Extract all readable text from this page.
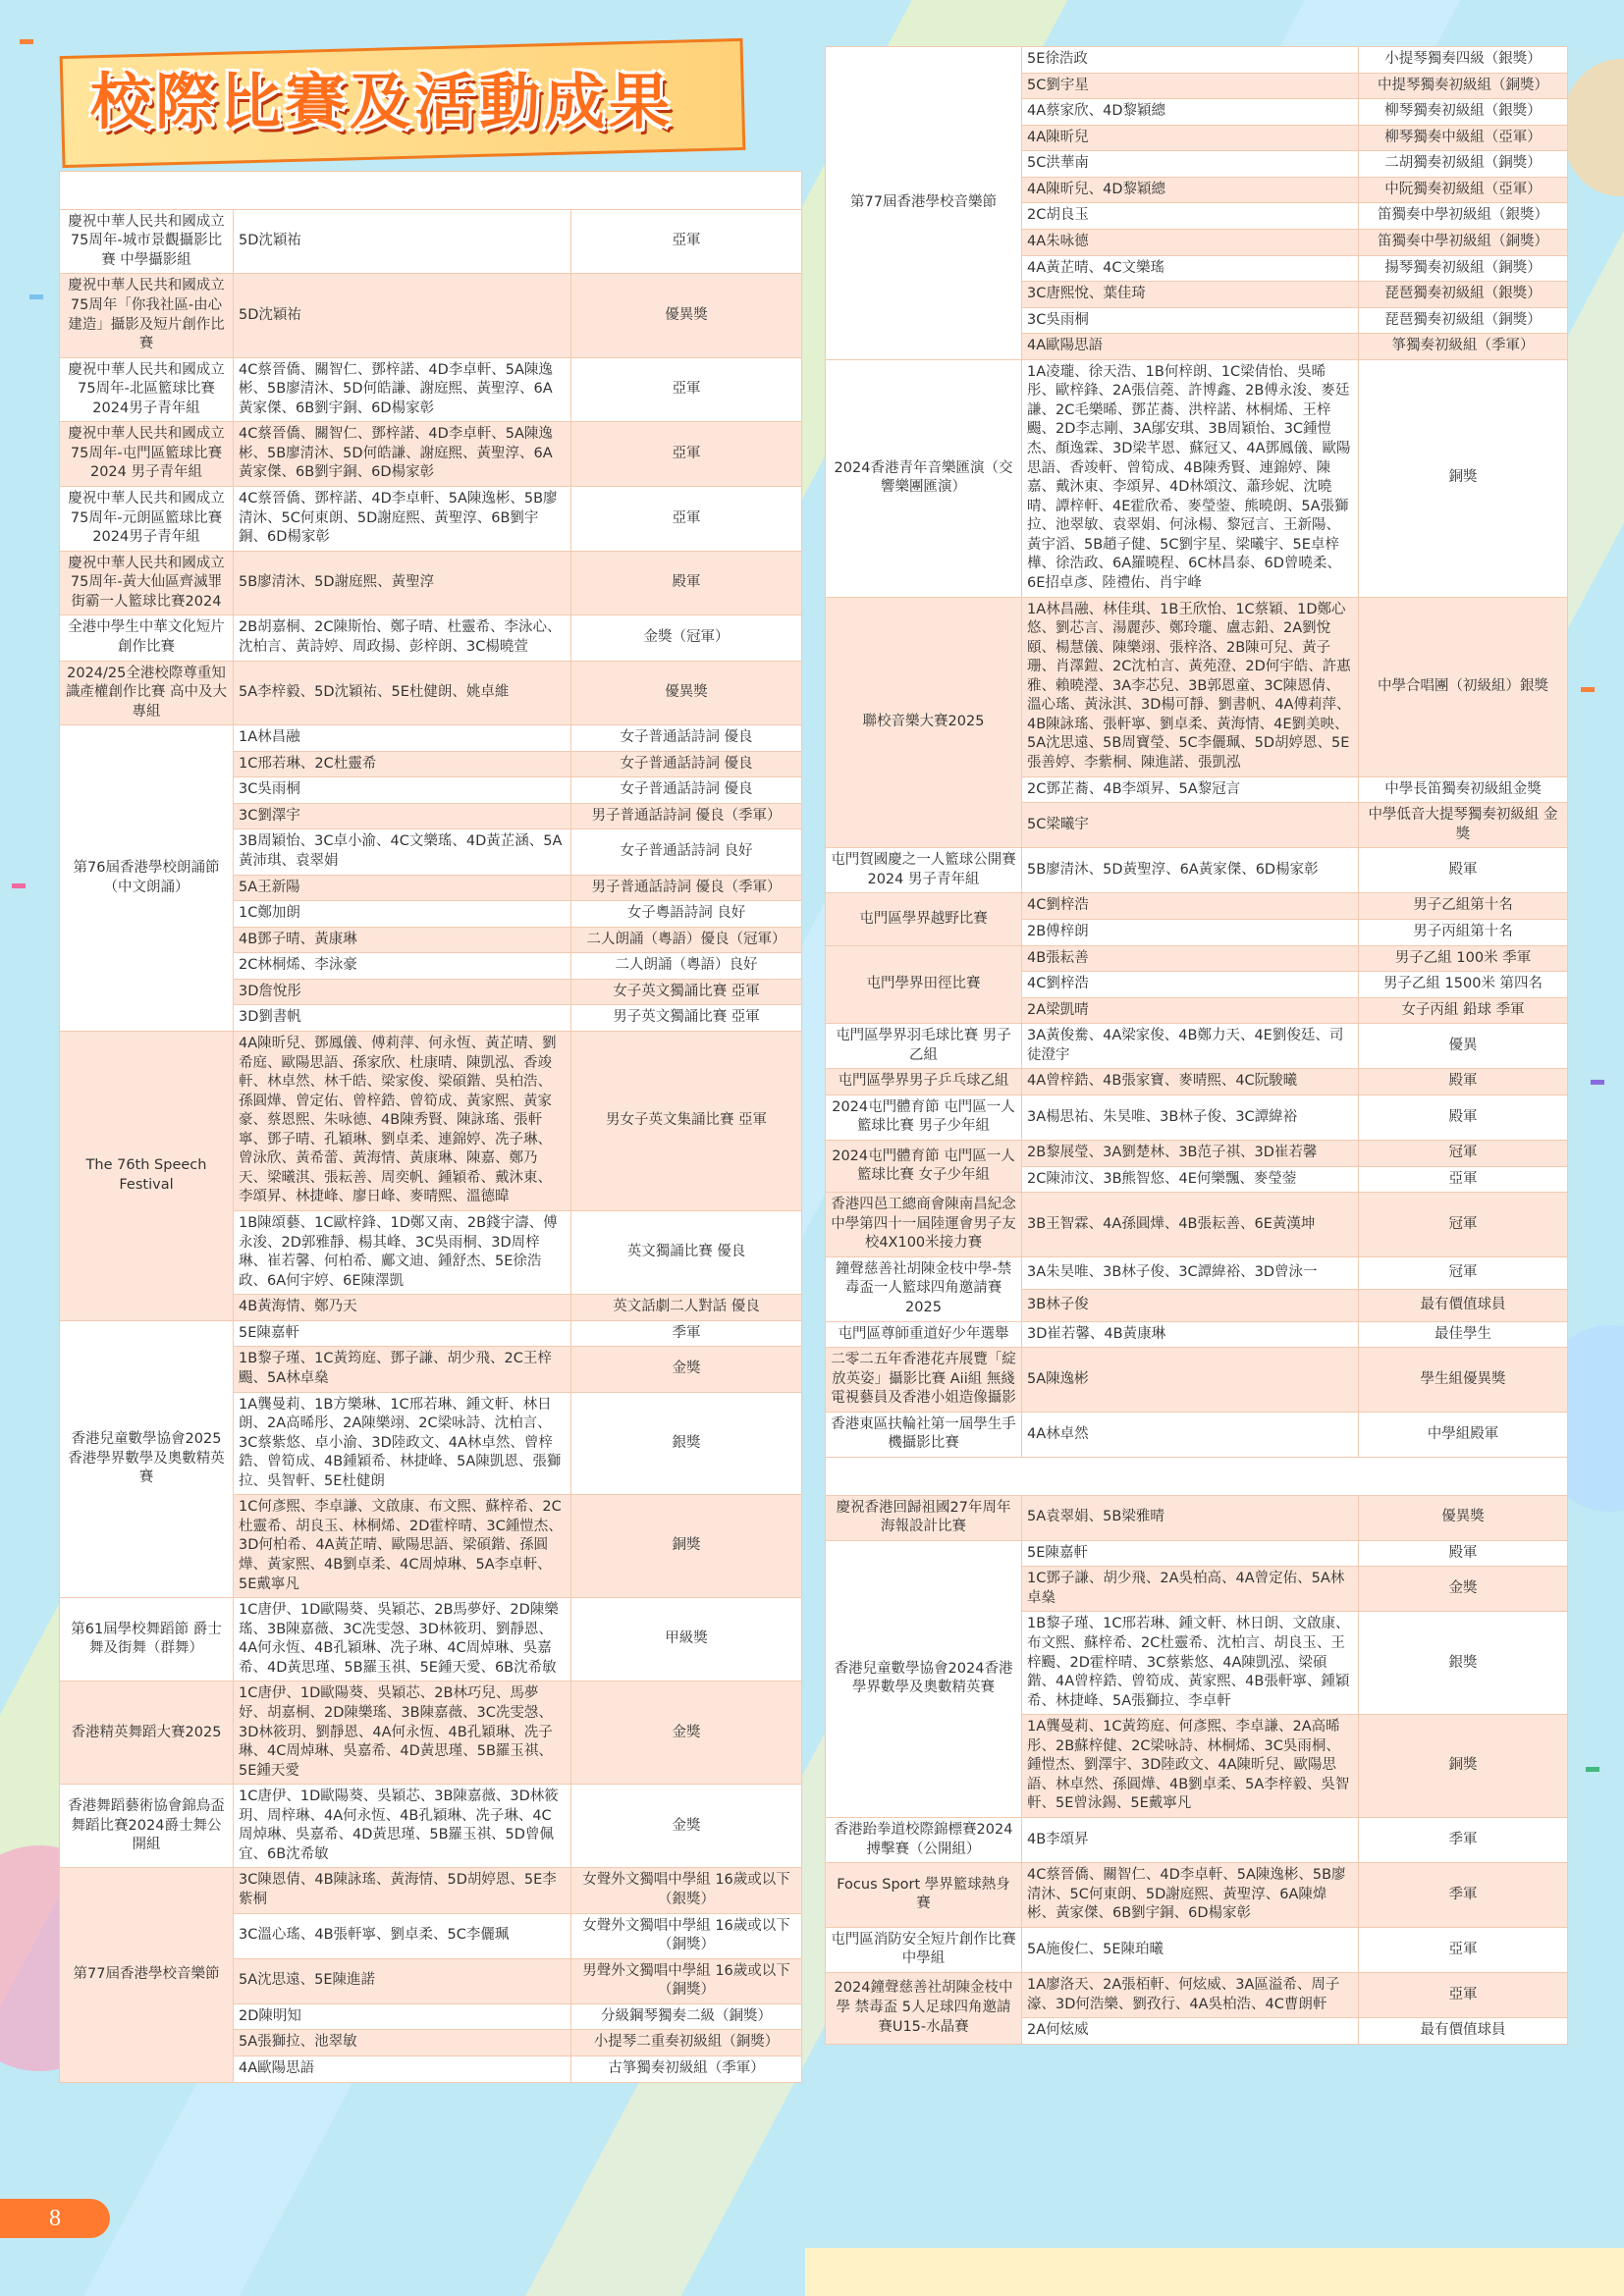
校際比賽及活動成果
2024-2025		
慶祝中華人民共和國成立75周年-城市景觀攝影比賽 中學攝影組	5D沈穎祐	亞軍
慶祝中華人民共和國成立75周年「你我社區-由心建造」攝影及短片創作比賽	5D沈穎祐	優異獎
慶祝中華人民共和國成立75周年-北區籃球比賽2024男子青年組	4C蔡晉僑、關智仁、鄧梓諾、4D李卓軒、5A陳逸彬、5B廖清沐、5D何皓謙、謝庭熙、黃聖淳、6A黃家傑、6B劉宇銅、6D楊家彰	亞軍
慶祝中華人民共和國成立75周年-屯門區籃球比賽2024 男子青年組	4C蔡晉僑、關智仁、鄧梓諾、4D李卓軒、5A陳逸彬、5B廖清沐、5D何皓謙、謝庭熙、黃聖淳、6A黃家傑、6B劉宇銅、6D楊家彰	亞軍
慶祝中華人民共和國成立75周年-元朗區籃球比賽2024男子青年組	4C蔡晉僑、鄧梓諾、4D李卓軒、5A陳逸彬、5B廖清沐、5C何東朗、5D謝庭熙、黃聖淳、6B劉宇銅、6D楊家彰	亞軍
慶祝中華人民共和國成立75周年-黃大仙區齊滅罪街霸一人籃球比賽2024	5B廖清沐、5D謝庭熙、黃聖淳	殿軍
全港中學生中華文化短片創作比賽	2B胡嘉桐、2C陳斯怡、鄭子晴、杜靈希、李泳心、沈柏言、黃詩婷、周政揚、彭梓朗、3C楊曉萱	金獎（冠軍）
2024/25全港校際尊重知識產權創作比賽 高中及大專組	5A李梓毅、5D沈穎祐、5E杜健朗、姚卓維	優異獎
第76屆香港學校朗誦節（中文朗誦）	1A林昌融	女子普通話詩詞 優良
	1C邢若琳、2C杜靈希	女子普通話詩詞 優良
	3C吳雨桐	女子普通話詩詞 優良
	3C劉澤宇	男子普通話詩詞 優良（季軍）
	3B周穎怡、3C卓小渝、4C文樂瑤、4D黃芷涵、5A黃沛琪、袁翠娟	女子普通話詩詞 良好
	5A王新陽	男子普通話詩詞 優良（季軍）
	1C鄭加朗	女子粵語詩詞 良好
	4B鄧子晴、黃康琳	二人朗誦（粵語）優良（冠軍）
	2C林桐烯、李泳豪	二人朗誦（粵語）良好
	3D詹悅彤	女子英文獨誦比賽 亞軍
	3D劉書帆	男子英文獨誦比賽 亞軍
The 76th Speech Festival	4A陳昕兒、鄧鳳儀、傅莉萍、何永恆、黃芷晴、劉希庭、歐陽思語、孫家欣、杜康晴、陳凱泓、香竣軒、林卓然、林千皓、梁家俊、梁碩鍇、吳柏浩、孫圓燁、曾定佑、曾梓鋯、曾筍成、黃家熙、黃家豪、蔡恩熙、朱咏德、4B陳秀賢、陳詠瑤、張軒寧、鄧子晴、孔穎琳、劉卓柔、連錦婷、冼子琳、曾泳欣、黃希蕾、黃海情、黃康琳、陳嘉、鄭乃天、梁曦淇、張耘善、周奕帆、鍾穎希、戴沐東、李頌昇、林捷峰、廖日峰、麥晴熙、溫德暐	男女子英文集誦比賽 亞軍
	1B陳頌藝、1C歐梓鋒、1D鄭又南、2B錢宇濤、傅永浚、2D郭雅靜、楊其峰、3C吳雨桐、3D周梓琳、崔若馨、何柏希、鄺文迪、鍾舒杰、5E徐浩政、6A何宇婷、6E陳澤凱	英文獨誦比賽 優良
	4B黃海情、鄭乃天	英文話劇二人對話 優良
香港兒童數學協會2025香港學界數學及奧數精英賽	5E陳嘉軒	季軍
	1B黎子瑾、1C黃筠庭、鄧子謙、胡少飛、2C王梓颺、5A林卓燊	金獎
	1A龔曼莉、1B方樂琳、1C邢若琳、鍾文軒、林日朗、2A高晞彤、2A陳樂翊、2C梁咏詩、沈柏言、3C蔡紫悠、卓小渝、3D陸政文、4A林卓然、曾梓鋯、曾筍成、4B鍾穎希、林捷峰、5A陳凱恩、張獅拉、吳智軒、5E杜健朗	銀獎
	1C何彥熙、李卓謙、文啟康、布文熙、蘇梓希、2C杜靈希、胡良玉、林桐烯、2D霍梓晴、3C鍾愷杰、3D何柏希、4A黃芷晴、歐陽思語、梁碩鍇、孫圓燁、黃家熙、4B劉卓柔、4C周焯琳、5A李卓軒、5E戴寧凡	銅獎
第61屆學校舞蹈節 爵士舞及街舞（群舞）	1C唐伊、1D歐陽葵、吳穎芯、2B馬夢妤、2D陳樂瑤、3B陳嘉薇、3C冼雯愨、3D林筱玥、劉靜恩、4A何永恆、4B孔穎琳、冼子琳、4C周焯琳、吳嘉希、4D黃思瑾、5B羅玉祺、5E鍾天愛、6B沈希敏	甲級獎
香港精英舞蹈大賽2025	1C唐伊、1D歐陽葵、吳穎芯、2B林巧兒、馬夢妤、胡嘉桐、2D陳樂瑤、3B陳嘉薇、3C冼雯愨、3D林筱玥、劉靜恩、4A何永恆、4B孔穎琳、冼子琳、4C周焯琳、吳嘉希、4D黃思瑾、5B羅玉祺、5E鍾天愛	金獎
香港舞蹈藝術協會錦鳥盃舞蹈比賽2024爵士舞公開組	1C唐伊、1D歐陽葵、吳穎芯、3B陳嘉薇、3D林筱玥、周梓琳、4A何永恆、4B孔穎琳、冼子琳、4C周焯琳、吳嘉希、4D黃思瑾、5B羅玉祺、5D曾佩宜、6B沈希敏	金獎
第77屆香港學校音樂節	3C陳恩倩、4B陳詠瑤、黃海情、5D胡婷恩、5E李紫桐	女聲外文獨唱中學組 16歲或以下（銀獎）
	3C溫心瑤、4B張軒寧、劉卓柔、5C李儷珮	女聲外文獨唱中學組 16歲或以下（銅獎）
	5A沈思遠、5E陳進諾	男聲外文獨唱中學組 16歲或以下（銅獎）
	2D陳明知	分級鋼琴獨奏二級（銅獎）
	5A張獅拉、池翠敏	小提琴二重奏初級組（銅獎）
	4A歐陽思語	古箏獨奏初級組（季軍）
第77屆香港學校音樂節	5E徐浩政	小提琴獨奏四級（銀獎）
	5C劉宇星	中提琴獨奏初級組（銅獎）
	4A蔡家欣、4D黎穎總	柳琴獨奏初級組（銀獎）
	4A陳昕兒	柳琴獨奏中級組（亞軍）
	5C洪華南	二胡獨奏初級組（銅獎）
	4A陳昕兒、4D黎穎總	中阮獨奏初級組（亞軍）
	2C胡良玉	笛獨奏中學初級組（銀獎）
	4A朱咏德	笛獨奏中學初級組（銅獎）
	4A黃芷晴、4C文樂瑤	揚琴獨奏初級組（銅獎）
	3C唐熙悅、葉佳琦	琵琶獨奏初級組（銀獎）
	3C吳雨桐	琵琶獨奏初級組（銅獎）
	4A歐陽思語	箏獨奏初級組（季軍）
2024香港青年音樂匯演（交響樂團匯演）	1A凌瓏、徐天浩、1B何梓朗、1C梁倩怡、吳晞彤、歐梓鋒、2A張信蕘、許博鑫、2B傅永浚、麥廷謙、2C毛樂晞、鄧芷蕎、洪梓諾、林桐烯、王梓颺、2D李志剛、3A鄔安琪、3B周穎怡、3C鍾愷杰、顏逸霖、3D梁芊恩、蘇冠又、4A鄧鳳儀、歐陽思語、香竣軒、曾筍成、4B陳秀賢、連錦婷、陳嘉、戴沐東、李頌昇、4D林頌汶、蕭珍妮、沈曉晴、譚梓軒、4E霍欣希、麥瑩蓥、熊曉朗、5A張獅拉、池翠敏、袁翠娟、何泳楊、黎冠言、王新陽、黃宇滔、5B趙子健、5C劉宇星、梁曦宇、5E卓梓樺、徐浩政、6A羅曉程、6C林昌泰、6D曾曉柔、6E招卓彥、陸禮佑、肖宇峰	銅獎
聯校音樂大賽2025	1A林昌融、林佳琪、1B王欣怡、1C蔡穎、1D鄭心悠、劉芯言、湯麗莎、鄭玲瓏、盧志鉛、2A劉悅頤、楊慧儀、陳樂翊、張梓洛、2B陳可兒、黃子珊、肖澤鎧、2C沈柏言、黃苑澄、2D何宇皓、許惠雅、賴曉瀅、3A李芯兒、3B郭恩童、3C陳恩倩、溫心瑤、黃泳淇、3D楊可靜、劉書帆、4A傅莉萍、4B陳詠瑤、張軒寧、劉卓柔、黃海情、4E劉美映、5A沈思遠、5B周寶瑩、5C李儷珮、5D胡婷恩、5E張善婷、李紫桐、陳進諾、張凱泓	中學合唱團（初級組）銀獎
	2C鄧芷蕎、4B李頌昇、5A黎冠言	中學長笛獨奏初級組金獎
	5C梁曦宇	中學低音大提琴獨奏初級組 金獎
屯門賀國慶之一人籃球公開賽2024 男子青年組	5B廖清沐、5D黃聖淳、6A黃家傑、6D楊家彰	殿軍
屯門區學界越野比賽	4C劉梓浩	男子乙組第十名
	2B傅梓朗	男子丙組第十名
屯門學界田徑比賽	4B張耘善	男子乙組 100米 季軍
	4C劉梓浩	男子乙組 1500米 第四名
	2A梁凱晴	女子丙組 鉛球 季軍
屯門區學界羽毛球比賽 男子乙組	3A黃俊駦、4A梁家俊、4B鄭力天、4E劉俊廷、司徒澄宇	優異
屯門區學界男子乒乓球乙組	4A曾梓鋯、4B張家寶、麥晴熙、4C阮駿曦	殿軍
2024屯門體育節 屯門區一人籃球比賽 男子少年組	3A楊思祐、朱昊唯、3B林子俊、3C譚緯裕	殿軍
2024屯門體育節 屯門區一人籃球比賽 女子少年組	2B黎展瑩、3A劉楚林、3B范子祺、3D崔若馨	冠軍
	2C陳沛汶、3B熊智悠、4E何樂飄、麥瑩蓥	亞軍
香港四邑工總商會陳南昌紀念中學第四十一屆陸運會男子友校4X100米接力賽	3B王智霖、4A孫圓燁、4B張耘善、6E黃漢坤	冠軍
鐘聲慈善社胡陳金枝中學-禁毒盃一人籃球四角邀請賽2025	3A朱昊唯、3B林子俊、3C譚緯裕、3D曾泳一	冠軍
	3B林子俊	最有價值球員
屯門區尊師重道好少年選舉	3D崔若馨、4B黃康琳	最佳學生
二零二五年香港花卉展覽「綻放英姿」攝影比賽 Aii組 無綫電視藝員及香港小姐造像攝影	5A陳逸彬	學生組優異獎
香港東區扶輪社第一屆學生手機攝影比賽	4A林卓然	中學組殿軍
2023-2024		
慶祝香港回歸祖國27年周年海報設計比賽	5A袁翠娟、5B梁雅晴	優異獎
香港兒童數學協會2024香港學界數學及奧數精英賽	5E陳嘉軒	殿軍
	1C鄧子謙、胡少飛、2A吳柏高、4A曾定佑、5A林卓燊	金獎
	1B黎子瑾、1C邢若琳、鍾文軒、林日朗、文啟康、布文熙、蘇梓希、2C杜靈希、沈柏言、胡良玉、王梓颺、2D霍梓晴、3C蔡紫悠、4A陳凱泓、梁碩鍇、4A曾梓鋯、曾筍成、黃家熙、4B張軒寧、鍾穎希、林捷峰、5A張獅拉、李卓軒	銀獎
	1A龔曼莉、1C黃筠庭、何彥熙、李卓謙、2A高晞彤、2B蘇梓健、2C梁咏詩、林桐烯、3C吳雨桐、鍾愷杰、劉澤宇、3D陸政文、4A陳昕兒、歐陽思語、林卓然、孫圓燁、4B劉卓柔、5A李梓毅、吳智軒、5E曾泳錫、5E戴寧凡	銅獎
香港跆拳道校際錦標賽2024搏擊賽（公開組）	4B李頌昇	季軍
Focus Sport 學界籃球熱身賽	4C蔡晉僑、關智仁、4D李卓軒、5A陳逸彬、5B廖清沐、5C何東朗、5D謝庭熙、黃聖淳、6A陳煒彬、黃家傑、6B劉宇銅、6D楊家彰	季軍
屯門區消防安全短片創作比賽 中學組	5A施俊仁、5E陳珀曦	亞軍
2024鐘聲慈善社胡陳金枝中學 禁毒盃 5人足球四角邀請賽U15-水晶賽	1A廖洛天、2A張栢軒、何炫威、3A區溢希、周子濠、3D何浩樂、劉孜行、4A吳柏浩、4C曹朗軒	亞軍
	2A何炫威	最有價值球員
8
